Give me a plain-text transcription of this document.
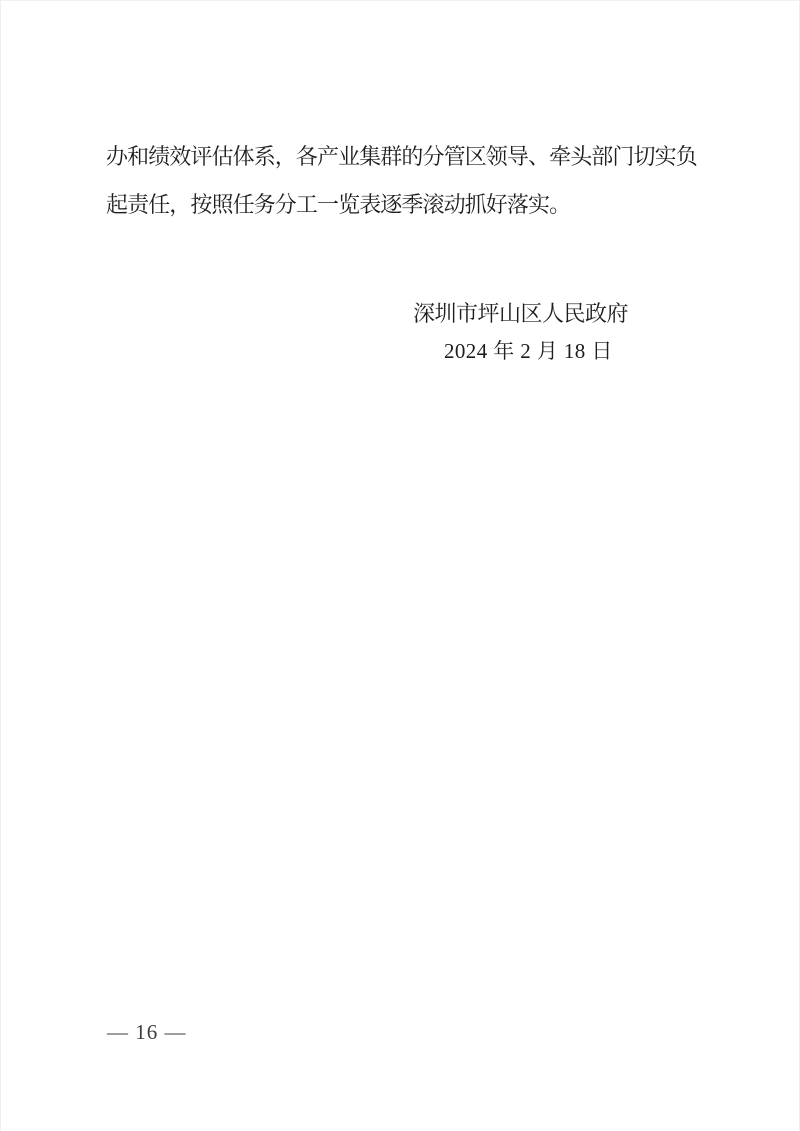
办和绩效评估体系，各产业集群的分管区领导、牵头部门切实负
起责任，按照任务分工一览表逐季滚动抓好落实。
深圳市坪山区人民政府
2024 年 2 月 18 日
— 16 —
